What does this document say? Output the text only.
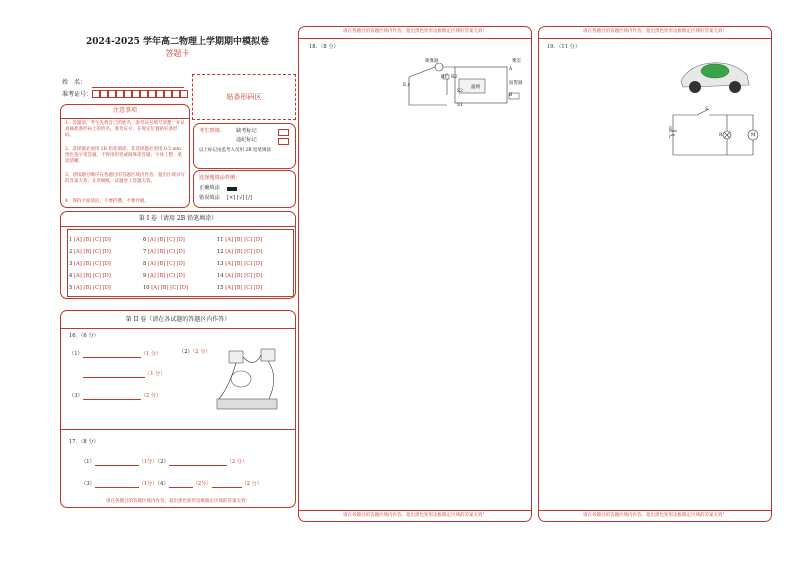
2024-2025 学年高二物理上学期期中模拟卷
答题卡
姓　名：
准考证号：	贴条形码区
注意事项
1．答题前，考生先将自己的姓名，准考证号填写清楚，并认真核准条形码上的姓名、准考证号，在规定位置贴好条形码。
2．选择题必须用 2B 铅笔填涂；非选择题必须用 0.5 mm 黑色签字笔答题，不得用铅笔或圆珠笔答题；字体工整、笔迹清晰。
3．请按题号顺序在各题目的答题区域内作答，超出区域书写的答案无效；在草稿纸、试题卷上答题无效。
4．保持卡面清洁，不要折叠、不要弄破。
考生禁填： 缺考标记
违纪标记
以上标记由监考人员用 2B 铅笔填涂
选择题填涂样例：
正确填涂
错误填涂 [×] [√] [/]
第 I 卷（请用 2B 铅笔填涂）
1 [A] [B] [C] [D]
2 [A] [B] [C] [D]
3 [A] [B] [C] [D]
4 [A] [B] [C] [D]
5 [A] [B] [C] [D]
6 [A] [B] [C] [D]
7 [A] [B] [C] [D]
8 [A] [B] [C] [D]
9 [A] [B] [C] [D]
10 [A] [B] [C] [D]
11 [A] [B] [C] [D]
12 [A] [B] [C] [D]
13 [A] [B] [C] [D]
14 [A] [B] [C] [D]
15 [A] [B] [C] [D]
第 II 卷（请在各试题的答题区内作答）
16．（6 分）
（1）	（1 分）
（1 分）
（3）	（2 分）
（2）（2 分）
17．（8 分）
（1）	（1分）（2）	（2 分）
（3）	（1分）（4）	（2分）	（2 分）
请在各题目的答题区域内作答，超出黑色矩形边框限定区域的答案无效！
请在各题目的答题区域内作答，超出黑色矩形边框限定区域的答案无效！
18．（8 分）
喷雾器	雾室
A
B
滤网
S1
S2
报警器
E,r
R1 R2
请在各题目的答题区域内作答，超出黑色矩形边框限定区域的答案无效！
请在各题目的答题区域内作答，超出黑色矩形边框限定区域的答案无效！
19．（11 分）
S
E
r	R	M
请在各题目的答题区域内作答，超出黑色矩形边框限定区域的答案无效！
